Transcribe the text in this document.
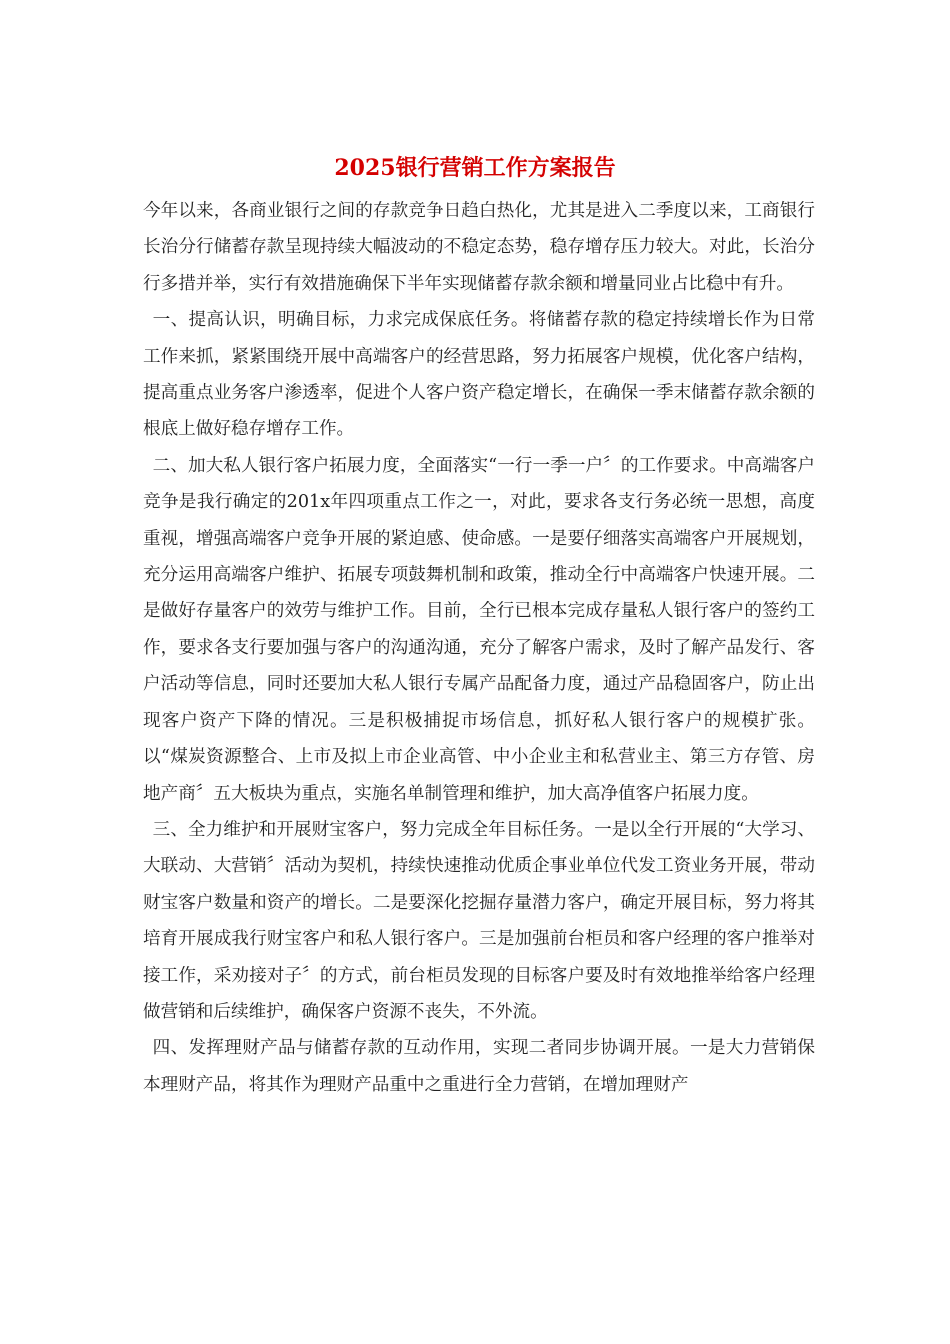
2025银行营销工作方案报告

今年以来，各商业银行之间的存款竞争日趋白热化，尤其是进入二季度以来，工商银行长治分行储蓄存款呈现持续大幅波动的不稳定态势，稳存增存压力较大。对此，长治分行多措并举，实行有效措施确保下半年实现储蓄存款余额和增量同业占比稳中有升。

一、提高认识，明确目标，力求完成保底任务。将储蓄存款的稳定持续增长作为日常工作来抓，紧紧围绕开展中高端客户的经营思路，努力拓展客户规模，优化客户结构，提高重点业务客户渗透率，促进个人客户资产稳定增长，在确保一季末储蓄存款余额的根底上做好稳存增存工作。

二、加大私人银行客户拓展力度，全面落实“一行一季一户〞的工作要求。中高端客户竞争是我行确定的201x年四项重点工作之一，对此，要求各支行务必统一思想，高度重视，增强高端客户竞争开展的紧迫感、使命感。一是要仔细落实高端客户开展规划，充分运用高端客户维护、拓展专项鼓舞机制和政策，推动全行中高端客户快速开展。二是做好存量客户的效劳与维护工作。目前，全行已根本完成存量私人银行客户的签约工作，要求各支行要加强与客户的沟通沟通，充分了解客户需求，及时了解产品发行、客户活动等信息，同时还要加大私人银行专属产品配备力度，通过产品稳固客户，防止出现客户资产下降的情况。三是积极捕捉市场信息，抓好私人银行客户的规模扩张。以“煤炭资源整合、上市及拟上市企业高管、中小企业主和私营业主、第三方存管、房地产商〞五大板块为重点，实施名单制管理和维护，加大高净值客户拓展力度。

三、全力维护和开展财宝客户，努力完成全年目标任务。一是以全行开展的“大学习、大联动、大营销〞活动为契机，持续快速推动优质企事业单位代发工资业务开展，带动财宝客户数量和资产的增长。二是要深化挖掘存量潜力客户，确定开展目标，努力将其培育开展成我行财宝客户和私人银行客户。三是加强前台柜员和客户经理的客户推举对接工作，采劝接对子〞的方式，前台柜员发现的目标客户要及时有效地推举给客户经理做营销和后续维护，确保客户资源不丧失，不外流。

四、发挥理财产品与储蓄存款的互动作用，实现二者同步协调开展。一是大力营销保本理财产品，将其作为理财产品重中之重进行全力营销，在增加理财产
